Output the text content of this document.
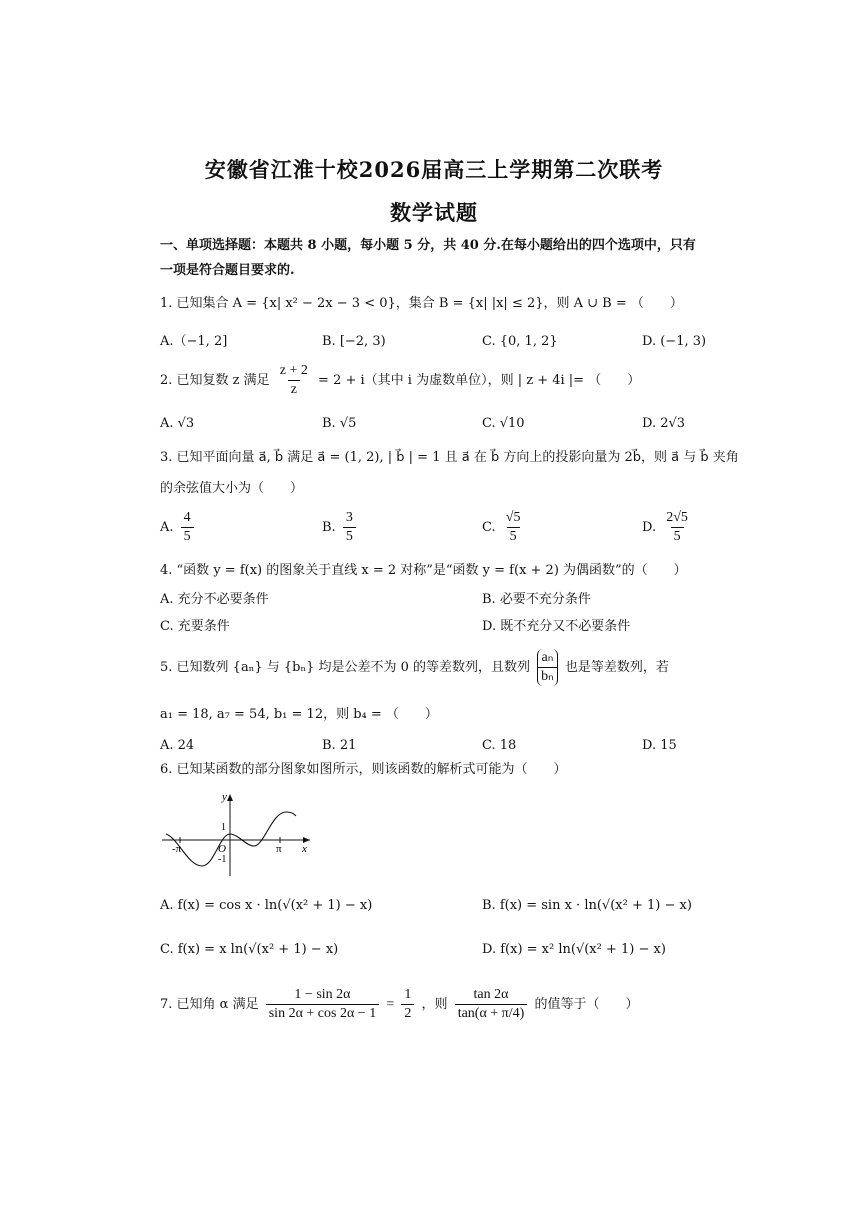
安徽省江淮十校2026届高三上学期第二次联考
数学试题
一、单项选择题：本题共 8 小题，每小题 5 分，共 40 分.在每小题给出的四个选项中，只有
一项是符合题目要求的.
1. 已知集合 A = {x| x² − 2x − 3 < 0}，集合 B = {x| |x| ≤ 2}，则 A ∪ B = （　　）
A.（−1, 2]	B. [−2, 3)	C. {0, 1, 2}	D. (−1, 3)
2. 已知复数 z 满足 $\frac{z + 2}{z} = 2 + i$（其中 i 为虚数单位），则 | z + 4i |= （　　）
A. √3	B. √5	C. √10	D. 2√3
3. 已知平面向量 a⃗, b⃗ 满足 a⃗ = (1, 2), | b⃗ | = 1 且 a⃗ 在 b⃗ 方向上的投影向量为 2b⃗，则 a⃗ 与 b⃗ 夹角
的余弦值大小为（　　）
A. $\frac{4}{5}$	B. $\frac{3}{5}$	C. $\frac{√5}{5}$	D. $\frac{2√5}{5}$
4. “函数 y = f(x) 的图象关于直线 x = 2 对称”是“函数 y = f(x + 2) 为偶函数”的（　　）
A. 充分不必要条件	B. 必要不充分条件
C. 充要条件	D. 既不充分又不必要条件
5. 已知数列 {aₙ} 与 {bₙ} 均是公差不为 0 的等差数列，且数列 $\frac{\text{aₙ}}{\text{bₙ}}$ 也是等差数列，若
a₁ = 18, a₇ = 54, b₁ = 12，则 b₄ = （　　）
A. 24	B. 21	C. 18	D. 15
6. 已知某函数的部分图象如图所示，则该函数的解析式可能为（　　）
y
x
O
1
-1
π
-π
A. f(x) = cos x · ln(√(x² + 1) − x)	B. f(x) = sin x · ln(√(x² + 1) − x)
C. f(x) = x ln(√(x² + 1) − x)	D. f(x) = x² ln(√(x² + 1) − x)
7. 已知角 α 满足 $\frac{1 - \sin 2\alpha}{\sin 2\alpha + \cos 2\alpha - 1} = \frac{1}{2}$ ，则 $\frac{\tan 2\alpha}{\tan(\alpha + \pi/4)}$ 的值等于（　　）
